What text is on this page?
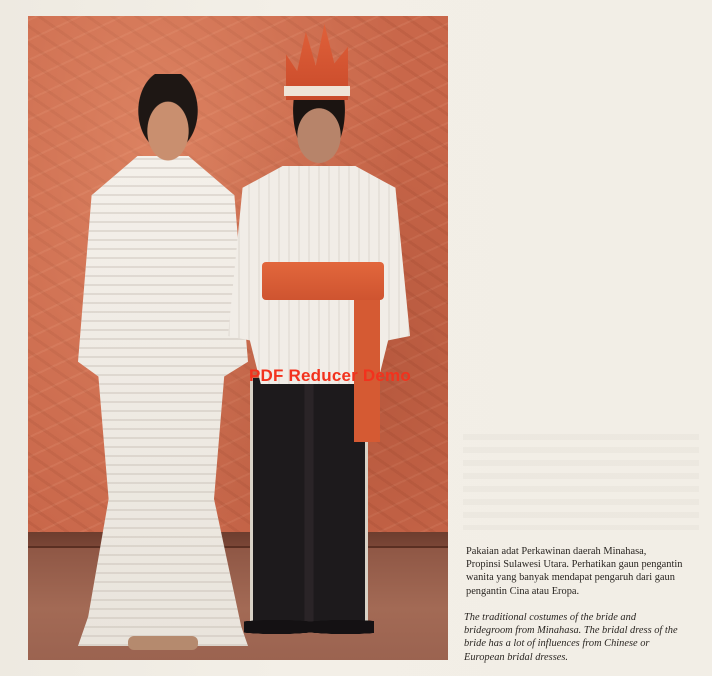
PDF Reducer Demo
Pakaian adat Perkawinan daerah Minahasa,
Propinsi Sulawesi Utara. Perhatikan gaun pengantin
wanita yang banyak mendapat pengaruh dari gaun
pengantin Cina atau Eropa.
The traditional costumes of the bride and
bridegroom from Minahasa. The bridal dress of the
bride has a lot of influences from Chinese or
European bridal dresses.
